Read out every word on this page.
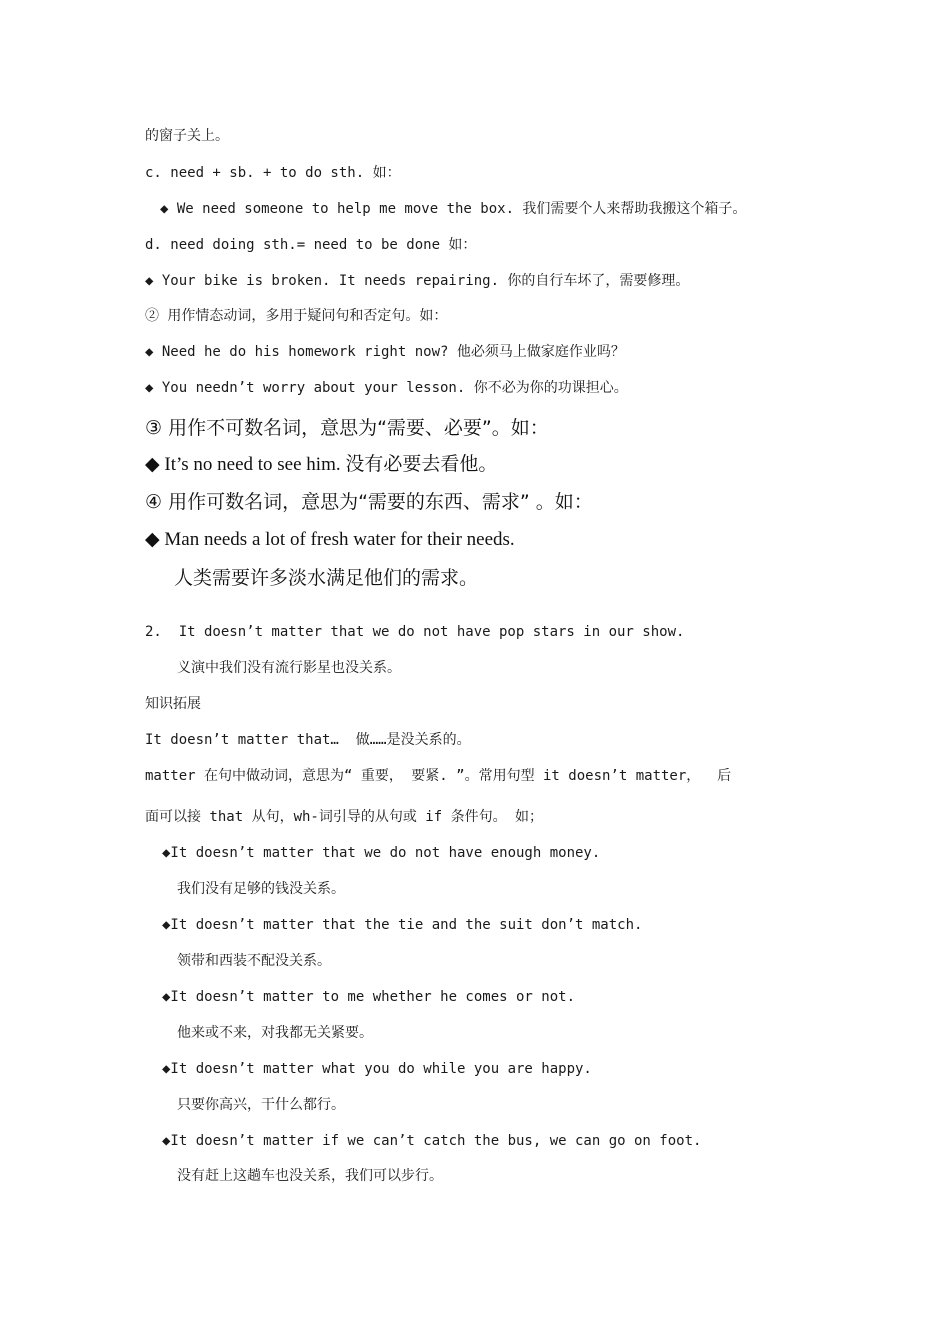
的窗子关上。
c. need + sb. + to do sth. 如：
◆ We need someone to help me move the box. 我们需要个人来帮助我搬这个箱子。
d. need doing sth.= need to be done 如：
◆ Your bike is broken. It needs repairing. 你的自行车坏了，需要修理。
② 用作情态动词，多用于疑问句和否定句。如：
◆ Need he do his homework right now? 他必须马上做家庭作业吗？
◆ You needn’t worry about your lesson. 你不必为你的功课担心。
③ 用作不可数名词，意思为“需要、必要”。如：
◆ It’s no need to see him. 没有必要去看他。
④ 用作可数名词，意思为“需要的东西、需求” 。如：
◆ Man needs a lot of fresh water for their needs.
人类需要许多淡水满足他们的需求。
2.  It doesn’t matter that we do not have pop stars in our show.
义演中我们没有流行影星也没关系。
知识拓展
It doesn’t matter that…  做……是没关系的。
matter 在句中做动词，意思为“ 重要， 要紧. ”。常用句型 it doesn’t matter，  后
面可以接 that 从句，wh-词引导的从句或 if 条件句。 如；
◆It doesn’t matter that we do not have enough money.
我们没有足够的钱没关系。
◆It doesn’t matter that the tie and the suit don’t match.
领带和西装不配没关系。
◆It doesn’t matter to me whether he comes or not.
他来或不来，对我都无关紧要。
◆It doesn’t matter what you do while you are happy.
只要你高兴，干什么都行。
◆It doesn’t matter if we can’t catch the bus, we can go on foot.
没有赶上这趟车也没关系，我们可以步行。
